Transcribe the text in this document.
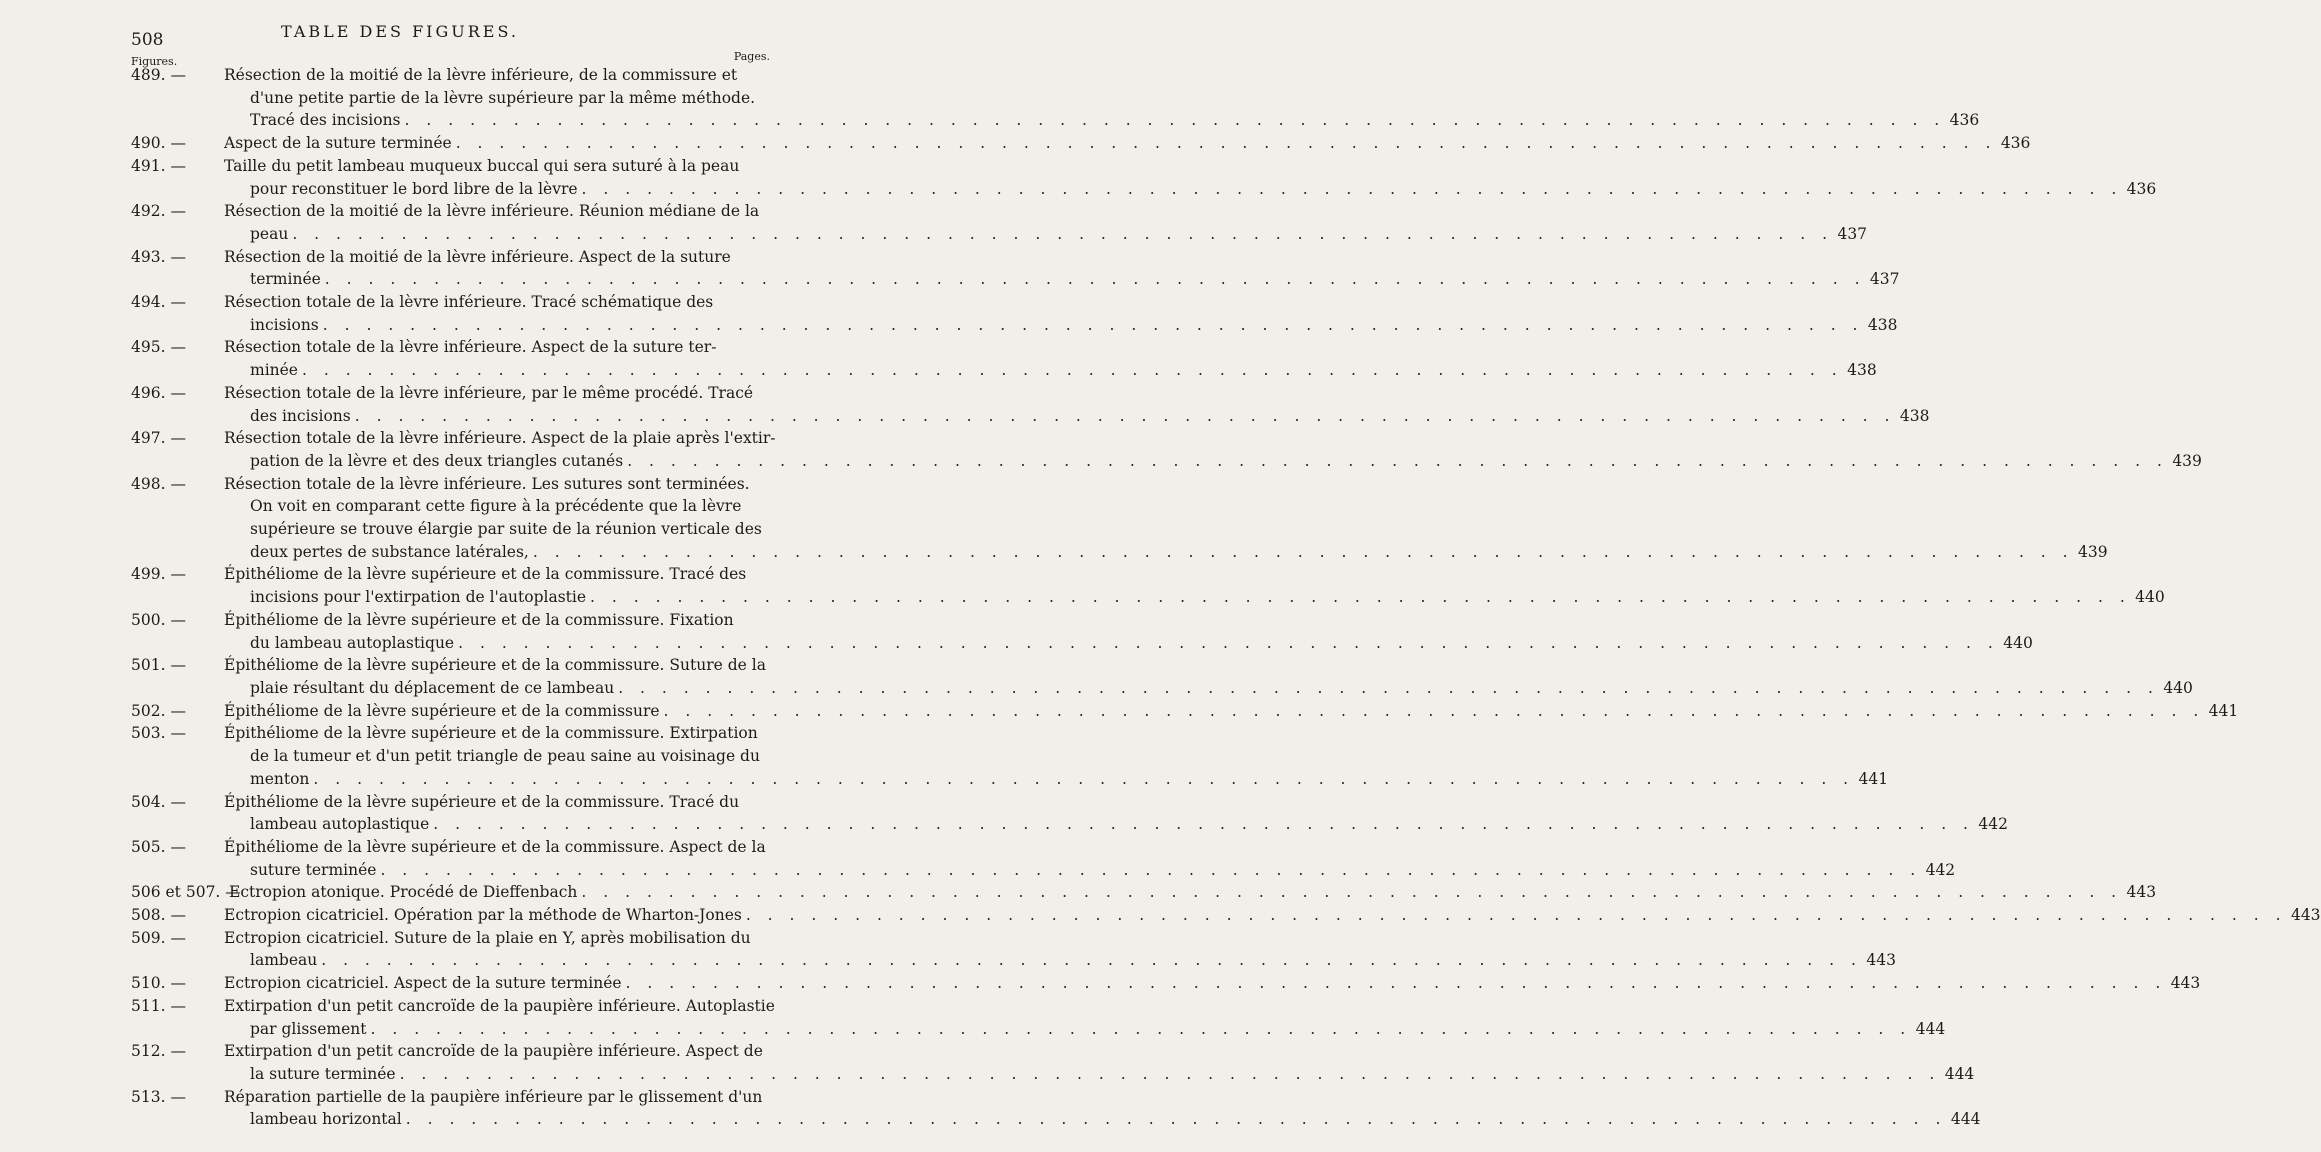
508	TABLE DES FIGURES.
Figures.	Pages.
489. —	Résection de la moitié de la lèvre inférieure, de la commissure et
d'une petite partie de la lèvre supérieure par la même méthode.
Tracé des incisions . . . . . . . . . . . . . . . . . . . . . . . . . . . . . . . . . . . . . . . . . . . . . . . . . . . . . . . . . . . . . . . . . . . . . . . 436
490. —	Aspect de la suture terminée . . . . . . . . . . . . . . . . . . . . . . . . . . . . . . . . . . . . . . . . . . . . . . . . . . . . . . . . . . . . . . . . . . . . . . . 436
491. —	Taille du petit lambeau muqueux buccal qui sera suturé à la peau
pour reconstituer le bord libre de la lèvre . . . . . . . . . . . . . . . . . . . . . . . . . . . . . . . . . . . . . . . . . . . . . . . . . . . . . . . . . . . . . . . . . . . . . . . 436
492. —	Résection de la moitié de la lèvre inférieure. Réunion médiane de la
peau . . . . . . . . . . . . . . . . . . . . . . . . . . . . . . . . . . . . . . . . . . . . . . . . . . . . . . . . . . . . . . . . . . . . . . . 437
493. —	Résection de la moitié de la lèvre inférieure. Aspect de la suture
terminée . . . . . . . . . . . . . . . . . . . . . . . . . . . . . . . . . . . . . . . . . . . . . . . . . . . . . . . . . . . . . . . . . . . . . . . 437
494. —	Résection totale de la lèvre inférieure. Tracé schématique des
incisions . . . . . . . . . . . . . . . . . . . . . . . . . . . . . . . . . . . . . . . . . . . . . . . . . . . . . . . . . . . . . . . . . . . . . . . 438
495. —	Résection totale de la lèvre inférieure. Aspect de la suture ter-
minée . . . . . . . . . . . . . . . . . . . . . . . . . . . . . . . . . . . . . . . . . . . . . . . . . . . . . . . . . . . . . . . . . . . . . . . 438
496. —	Résection totale de la lèvre inférieure, par le même procédé. Tracé
des incisions . . . . . . . . . . . . . . . . . . . . . . . . . . . . . . . . . . . . . . . . . . . . . . . . . . . . . . . . . . . . . . . . . . . . . . . 438
497. —	Résection totale de la lèvre inférieure. Aspect de la plaie après l'extir-
pation de la lèvre et des deux triangles cutanés . . . . . . . . . . . . . . . . . . . . . . . . . . . . . . . . . . . . . . . . . . . . . . . . . . . . . . . . . . . . . . . . . . . . . . . 439
498. —	Résection totale de la lèvre inférieure. Les sutures sont terminées.
On voit en comparant cette figure à la précédente que la lèvre
supérieure se trouve élargie par suite de la réunion verticale des
deux pertes de substance latérales, . . . . . . . . . . . . . . . . . . . . . . . . . . . . . . . . . . . . . . . . . . . . . . . . . . . . . . . . . . . . . . . . . . . . . . . 439
499. —	Épithéliome de la lèvre supérieure et de la commissure. Tracé des
incisions pour l'extirpation de l'autoplastie . . . . . . . . . . . . . . . . . . . . . . . . . . . . . . . . . . . . . . . . . . . . . . . . . . . . . . . . . . . . . . . . . . . . . . . 440
500. —	Épithéliome de la lèvre supérieure et de la commissure. Fixation
du lambeau autoplastique . . . . . . . . . . . . . . . . . . . . . . . . . . . . . . . . . . . . . . . . . . . . . . . . . . . . . . . . . . . . . . . . . . . . . . . 440
501. —	Épithéliome de la lèvre supérieure et de la commissure. Suture de la
plaie résultant du déplacement de ce lambeau . . . . . . . . . . . . . . . . . . . . . . . . . . . . . . . . . . . . . . . . . . . . . . . . . . . . . . . . . . . . . . . . . . . . . . . 440
502. —	Épithéliome de la lèvre supérieure et de la commissure . . . . . . . . . . . . . . . . . . . . . . . . . . . . . . . . . . . . . . . . . . . . . . . . . . . . . . . . . . . . . . . . . . . . . . . 441
503. —	Épithéliome de la lèvre supérieure et de la commissure. Extirpation
de la tumeur et d'un petit triangle de peau saine au voisinage du
menton . . . . . . . . . . . . . . . . . . . . . . . . . . . . . . . . . . . . . . . . . . . . . . . . . . . . . . . . . . . . . . . . . . . . . . . 441
504. —	Épithéliome de la lèvre supérieure et de la commissure. Tracé du
lambeau autoplastique . . . . . . . . . . . . . . . . . . . . . . . . . . . . . . . . . . . . . . . . . . . . . . . . . . . . . . . . . . . . . . . . . . . . . . . 442
505. —	Épithéliome de la lèvre supérieure et de la commissure. Aspect de la
suture terminée . . . . . . . . . . . . . . . . . . . . . . . . . . . . . . . . . . . . . . . . . . . . . . . . . . . . . . . . . . . . . . . . . . . . . . . 442
506 et 507. —
Ectropion atonique. Procédé de Dieffenbach . . . . . . . . . . . . . . . . . . . . . . . . . . . . . . . . . . . . . . . . . . . . . . . . . . . . . . . . . . . . . . . . . . . . . . . 443
508. —	Ectropion cicatriciel. Opération par la méthode de Wharton-Jones . . . . . . . . . . . . . . . . . . . . . . . . . . . . . . . . . . . . . . . . . . . . . . . . . . . . . . . . . . . . . . . . . . . . . . . 443
509. —	Ectropion cicatriciel. Suture de la plaie en Y, après mobilisation du
lambeau . . . . . . . . . . . . . . . . . . . . . . . . . . . . . . . . . . . . . . . . . . . . . . . . . . . . . . . . . . . . . . . . . . . . . . . 443
510. —	Ectropion cicatriciel. Aspect de la suture terminée . . . . . . . . . . . . . . . . . . . . . . . . . . . . . . . . . . . . . . . . . . . . . . . . . . . . . . . . . . . . . . . . . . . . . . . 443
511. —	Extirpation d'un petit cancroïde de la paupière inférieure. Autoplastie
par glissement . . . . . . . . . . . . . . . . . . . . . . . . . . . . . . . . . . . . . . . . . . . . . . . . . . . . . . . . . . . . . . . . . . . . . . . 444
512. —	Extirpation d'un petit cancroïde de la paupière inférieure. Aspect de
la suture terminée . . . . . . . . . . . . . . . . . . . . . . . . . . . . . . . . . . . . . . . . . . . . . . . . . . . . . . . . . . . . . . . . . . . . . . . 444
513. —	Réparation partielle de la paupière inférieure par le glissement d'un
lambeau horizontal . . . . . . . . . . . . . . . . . . . . . . . . . . . . . . . . . . . . . . . . . . . . . . . . . . . . . . . . . . . . . . . . . . . . . . . 444
